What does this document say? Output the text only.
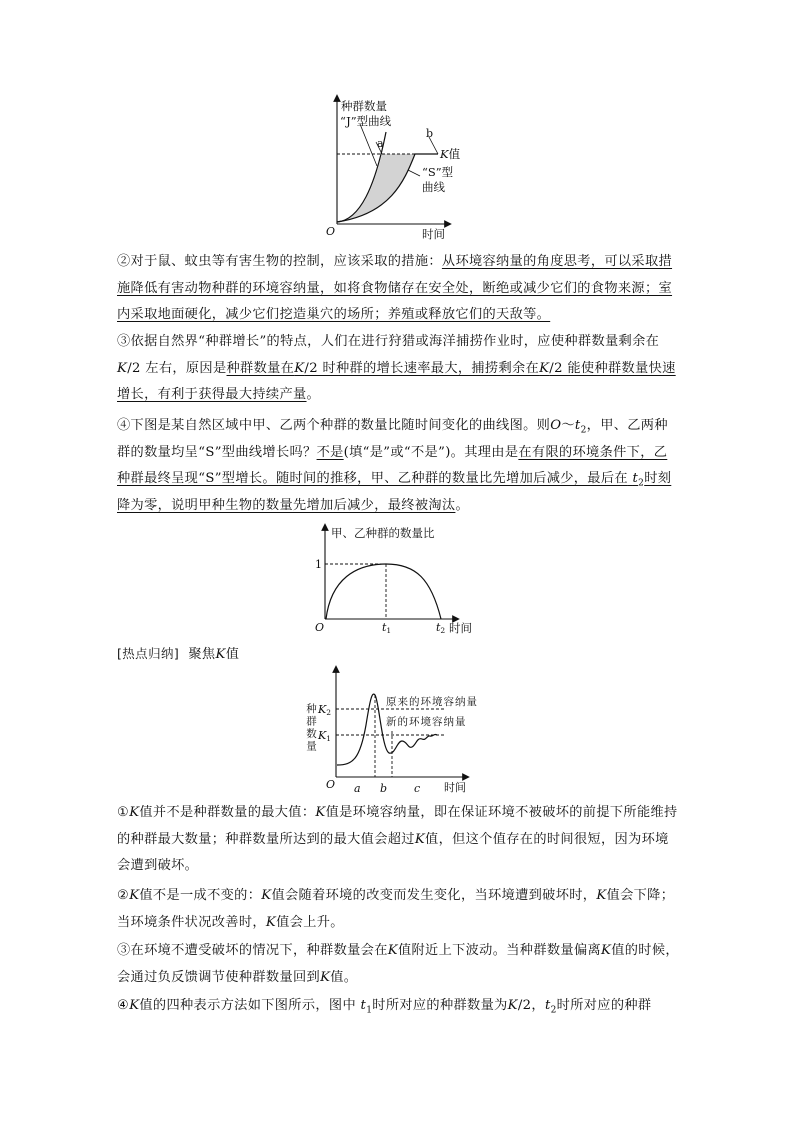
种群数量
“J”型曲线
a
b
K值
“S”型
曲线
O	时间
②对于鼠、蚊虫等有害生物的控制，应该采取的措施：从环境容纳量的角度思考，可以采取措施降低有害动物种群的环境容纳量，如将食物储存在安全处，断绝或减少它们的食物来源；室内采取地面硬化，减少它们挖造巢穴的场所；养殖或释放它们的天敌等。
③依据自然界“种群增长”的特点，人们在进行狩猎或海洋捕捞作业时，应使种群数量剩余在K/2 左右，原因是种群数量在K/2 时种群的增长速率最大，捕捞剩余在K/2 能使种群数量快速增长，有利于获得最大持续产量。
④下图是某自然区域中甲、乙两个种群的数量比随时间变化的曲线图。则$O\sim t_2$，甲、乙两种群的数量均呈“S”型曲线增长吗？不是(填“是”或“不是”)。其理由是在有限的环境条件下，乙种群最终呈现“S”型增长。随时间的推移，甲、乙种群的数量比先增加后减少，最后在 $t_2$时刻降为零，说明甲种生物的数量先增加后减少，最终被淘汰。
甲、乙种群的数量比
1
O	t1	t2 时间
[热点归纳] 聚焦K值
种群数量 K2
K1
原来的环境容纳量
新的环境容纳量
O a b c 时间
①K值并不是种群数量的最大值：K值是环境容纳量，即在保证环境不被破坏的前提下所能维持的种群最大数量；种群数量所达到的最大值会超过K值，但这个值存在的时间很短，因为环境会遭到破坏。
②K值不是一成不变的：K值会随着环境的改变而发生变化，当环境遭到破坏时，K值会下降；当环境条件状况改善时，K值会上升。
③在环境不遭受破坏的情况下，种群数量会在K值附近上下波动。当种群数量偏离K值的时候，会通过负反馈调节使种群数量回到K值。
④K值的四种表示方法如下图所示，图中 $t_1$时所对应的种群数量为K/2，$t_2$时所对应的种群
